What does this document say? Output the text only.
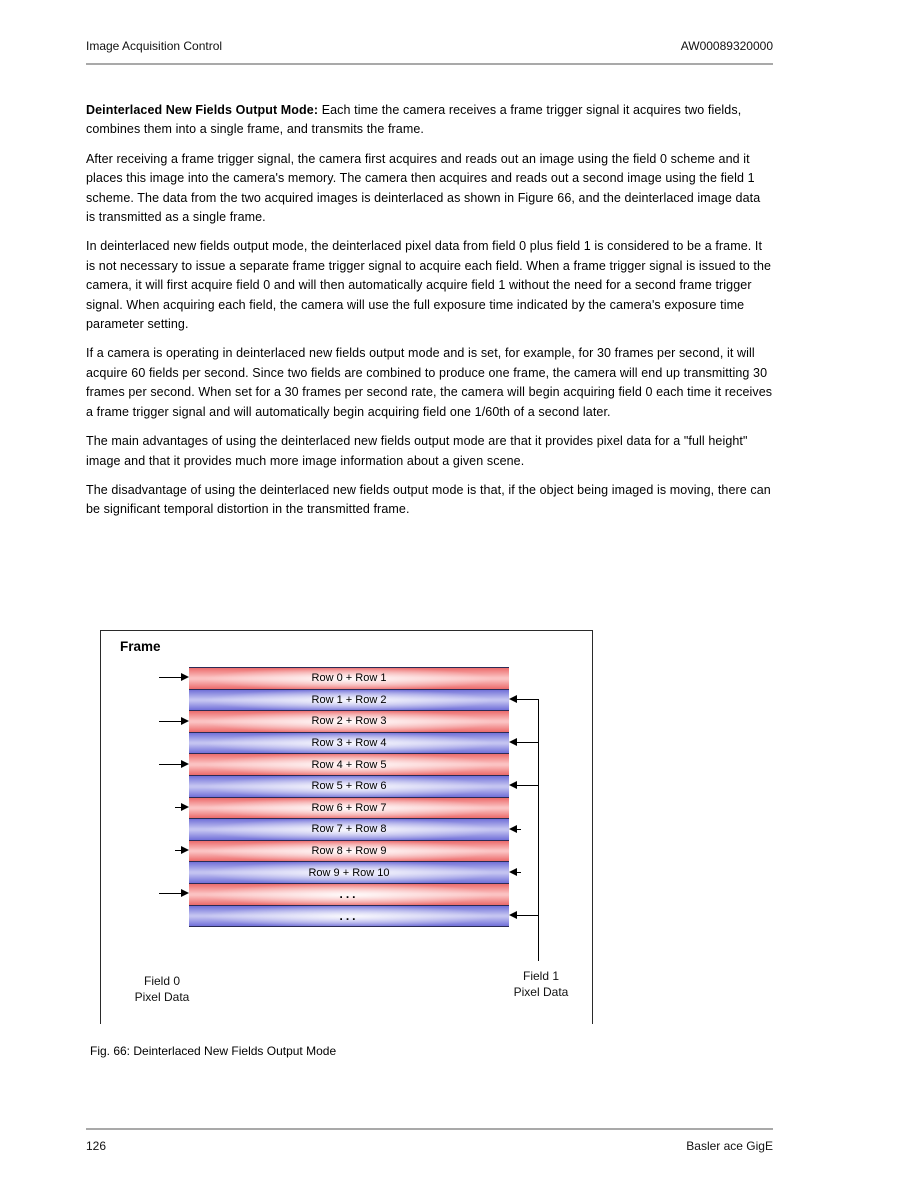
Image Acquisition Control	AW00089320000

Deinterlaced New Fields Output Mode: Each time the camera receives a frame trigger signal it acquires two fields, combines them into a single frame, and transmits the frame.

After receiving a frame trigger signal, the camera first acquires and reads out an image using the field 0 scheme and it places this image into the camera's memory. The camera then acquires and reads out a second image using the field 1 scheme. The data from the two acquired images is deinterlaced as shown in Figure 66, and the deinterlaced image data is transmitted as a single frame.

In deinterlaced new fields output mode, the deinterlaced pixel data from field 0 plus field 1 is considered to be a frame. It is not necessary to issue a separate frame trigger signal to acquire each field. When a frame trigger signal is issued to the camera, it will first acquire field 0 and will then automatically acquire field 1 without the need for a second frame trigger signal. When acquiring each field, the camera will use the full exposure time indicated by the camera's exposure time parameter setting.

If a camera is operating in deinterlaced new fields output mode and is set, for example, for 30 frames per second, it will acquire 60 fields per second. Since two fields are combined to produce one frame, the camera will end up transmitting 30 frames per second. When set for a 30 frames per second rate, the camera will begin acquiring field 0 each time it receives a frame trigger signal and will automatically begin acquiring field one 1/60th of a second later.

The main advantages of using the deinterlaced new fields output mode are that it provides pixel data for a "full height" image and that it provides much more image information about a given scene.

The disadvantage of using the deinterlaced new fields output mode is that, if the object being imaged is moving, there can be significant temporal distortion in the transmitted frame.

Frame
Row 0 + Row 1
Row 1 + Row 2
Row 2 + Row 3
Row 3 + Row 4
Row 4 + Row 5
Row 5 + Row 6
Row 6 + Row 7
Row 7 + Row 8
Row 8 + Row 9
Row 9 + Row 10
...
...
Field 0
Pixel Data
Field 1
Pixel Data
Fig. 66: Deinterlaced New Fields Output Mode
126	Basler ace GigE
